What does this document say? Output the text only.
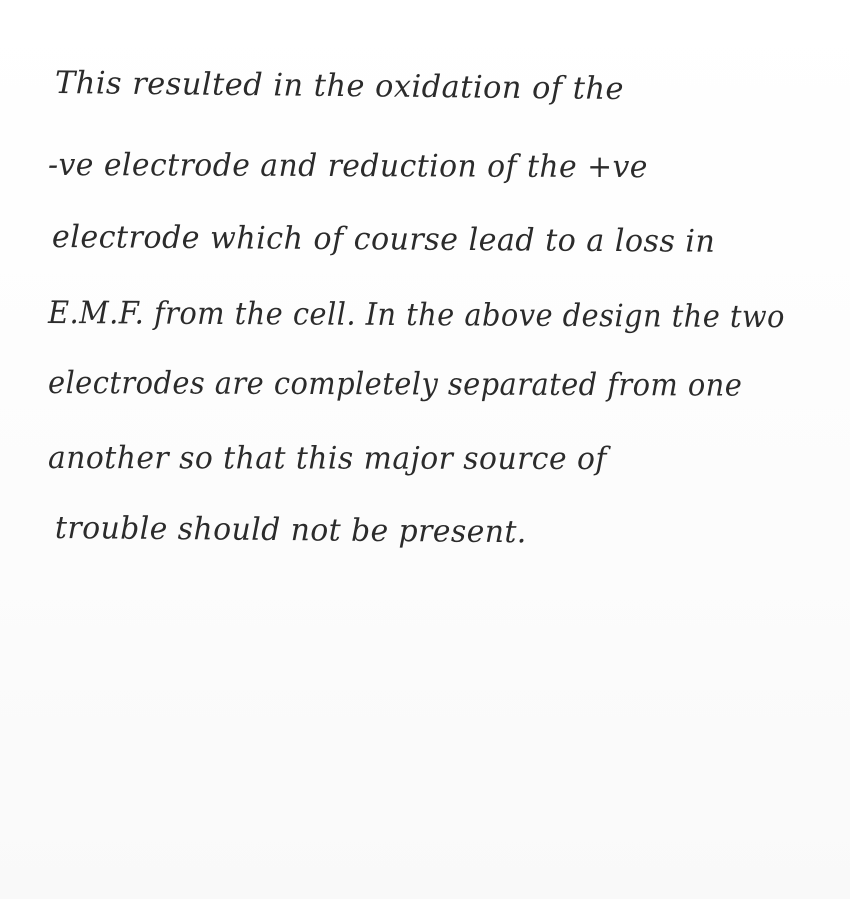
This resulted in the oxidation of the
-ve electrode and reduction of the +ve
electrode which of course lead to a loss in
E.M.F. from the cell. In the above design the two
electrodes are completely separated from one
another so that this major source of
trouble should not be present.
